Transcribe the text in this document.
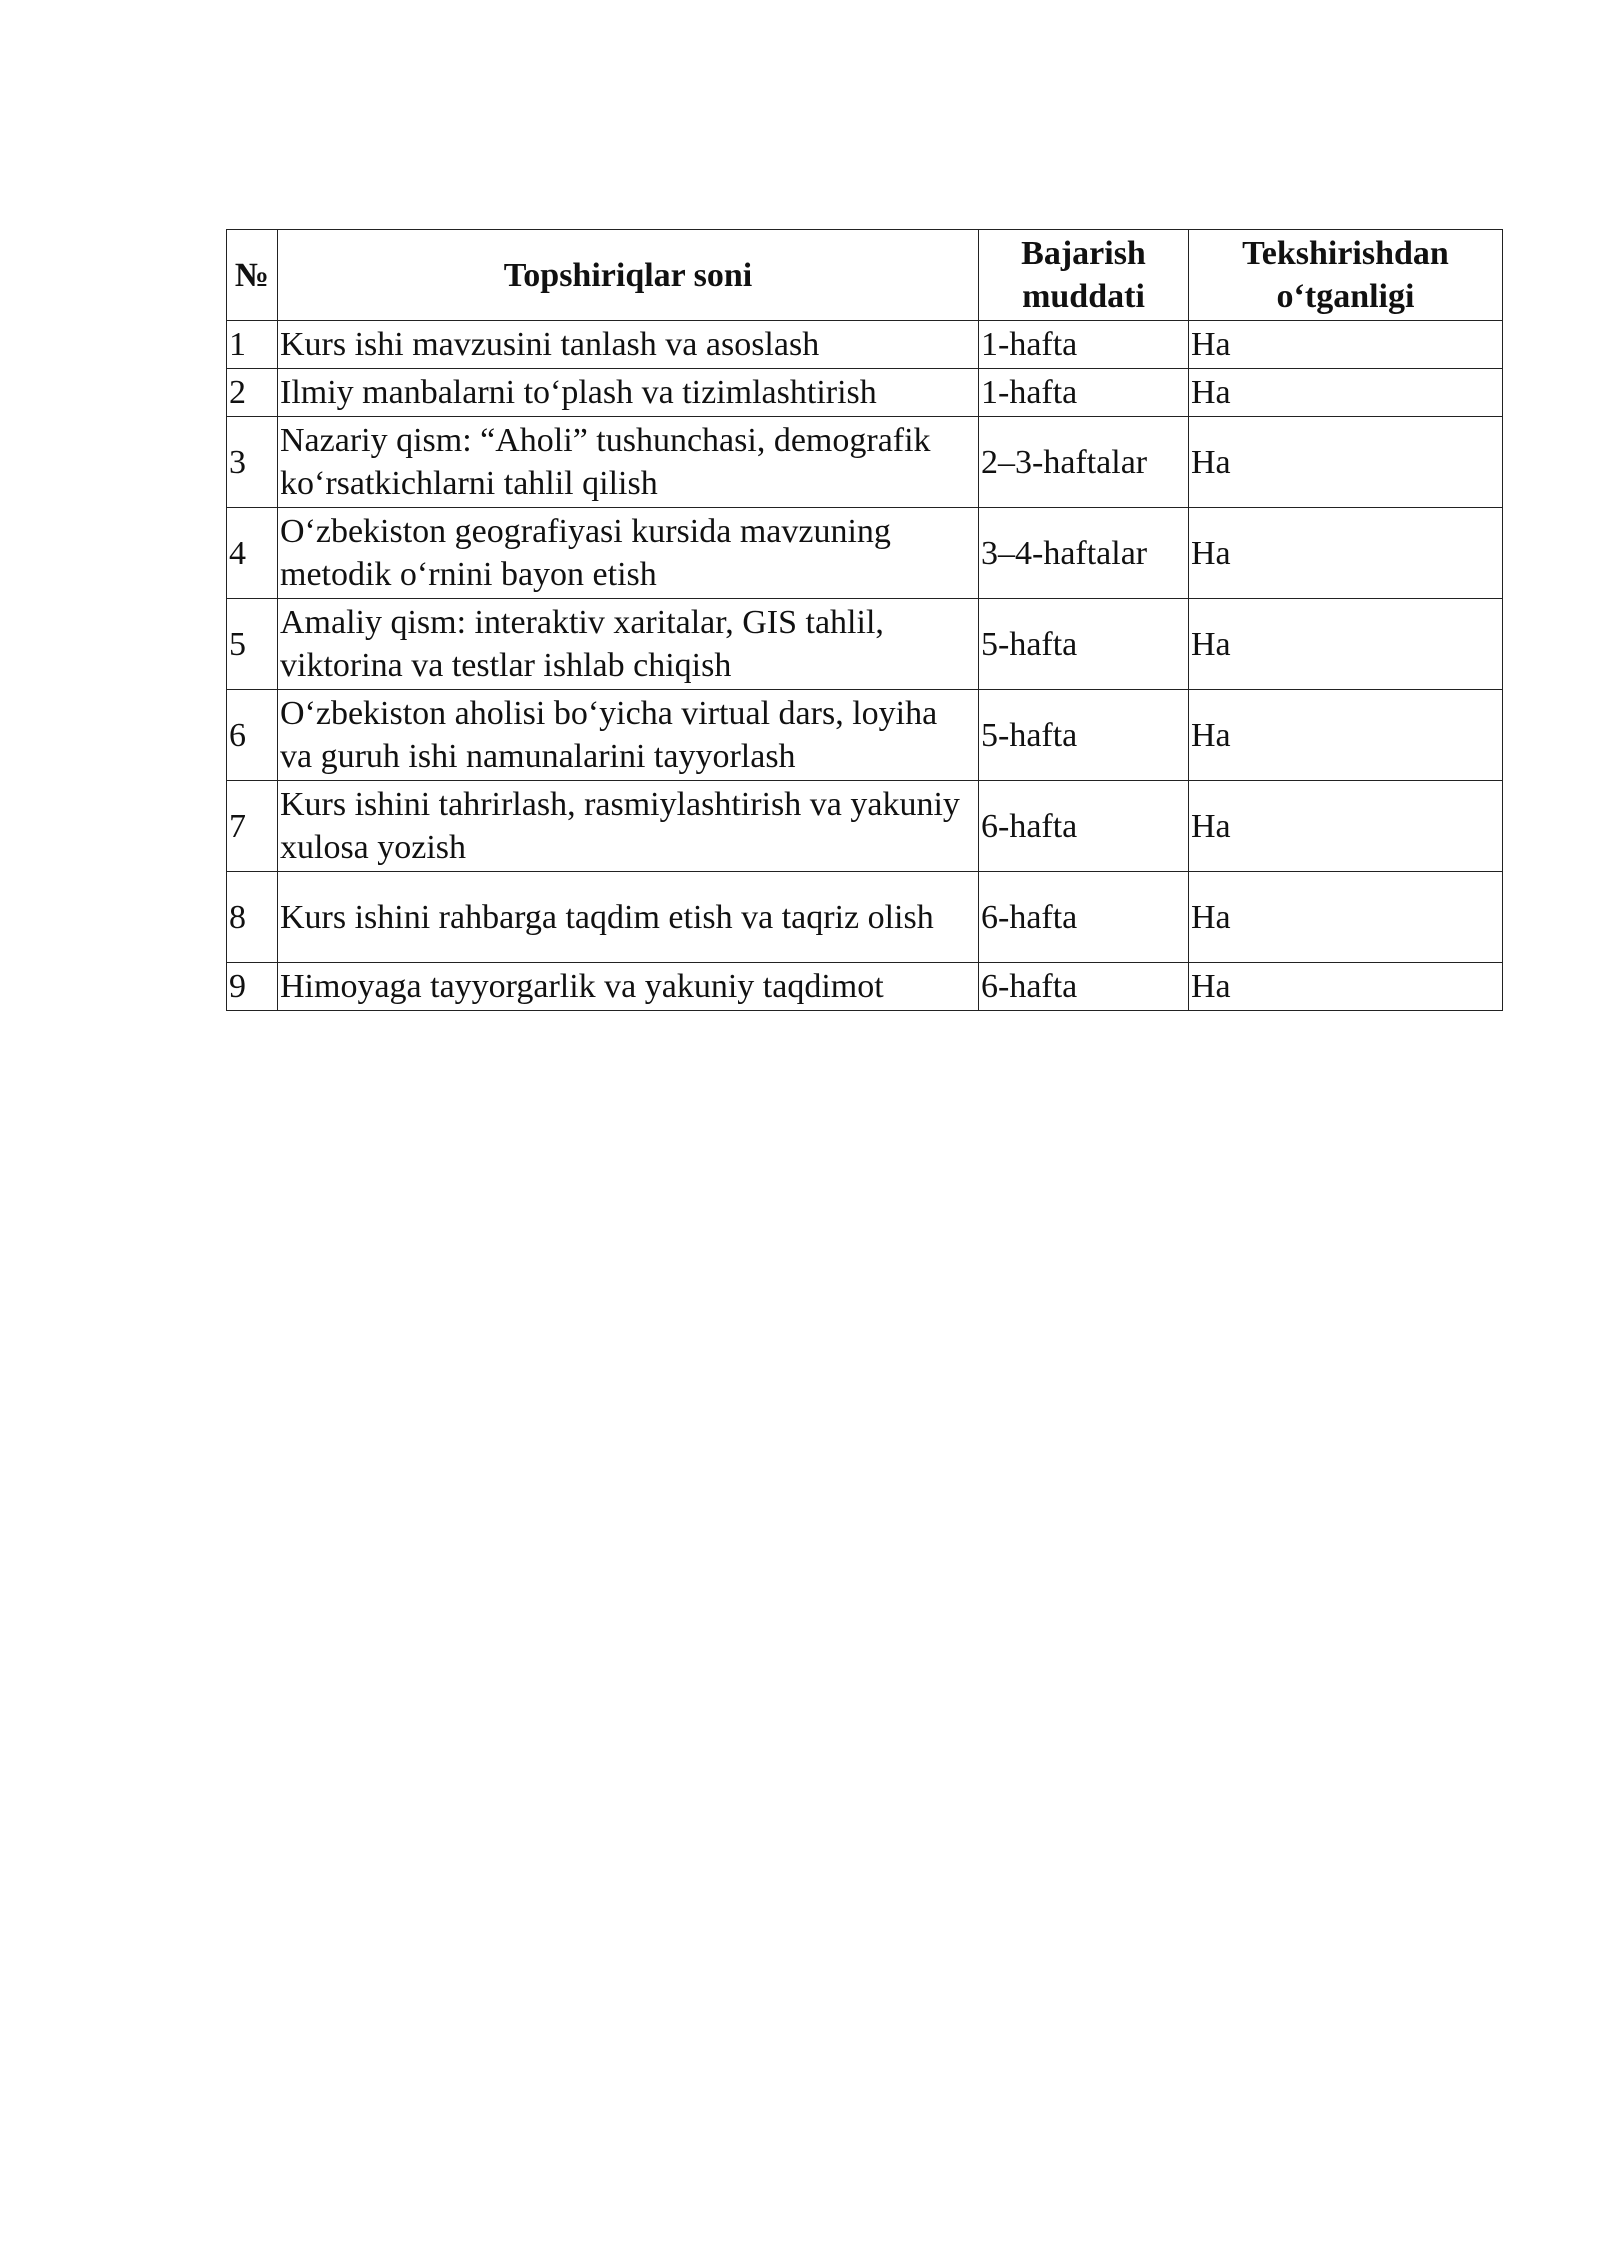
№	Topshiriqlar soni	Bajarish muddati	Tekshirishdan o‘tganligi
1	Kurs ishi mavzusini tanlash va asoslash	1-hafta	Ha
2	Ilmiy manbalarni to‘plash va tizimlashtirish	1-hafta	Ha
3	Nazariy qism: “Aholi” tushunchasi, demografik ko‘rsatkichlarni tahlil qilish	2–3-haftalar	Ha
4	O‘zbekiston geografiyasi kursida mavzuning metodik o‘rnini bayon etish	3–4-haftalar	Ha
5	Amaliy qism: interaktiv xaritalar, GIS tahlil, viktorina va testlar ishlab chiqish	5-hafta	Ha
6	O‘zbekiston aholisi bo‘yicha virtual dars, loyiha va guruh ishi namunalarini tayyorlash	5-hafta	Ha
7	Kurs ishini tahrirlash, rasmiylashtirish va yakuniy xulosa yozish	6-hafta	Ha
8	Kurs ishini rahbarga taqdim etish va taqriz olish	6-hafta	Ha
9	Himoyaga tayyorgarlik va yakuniy taqdimot	6-hafta	Ha
